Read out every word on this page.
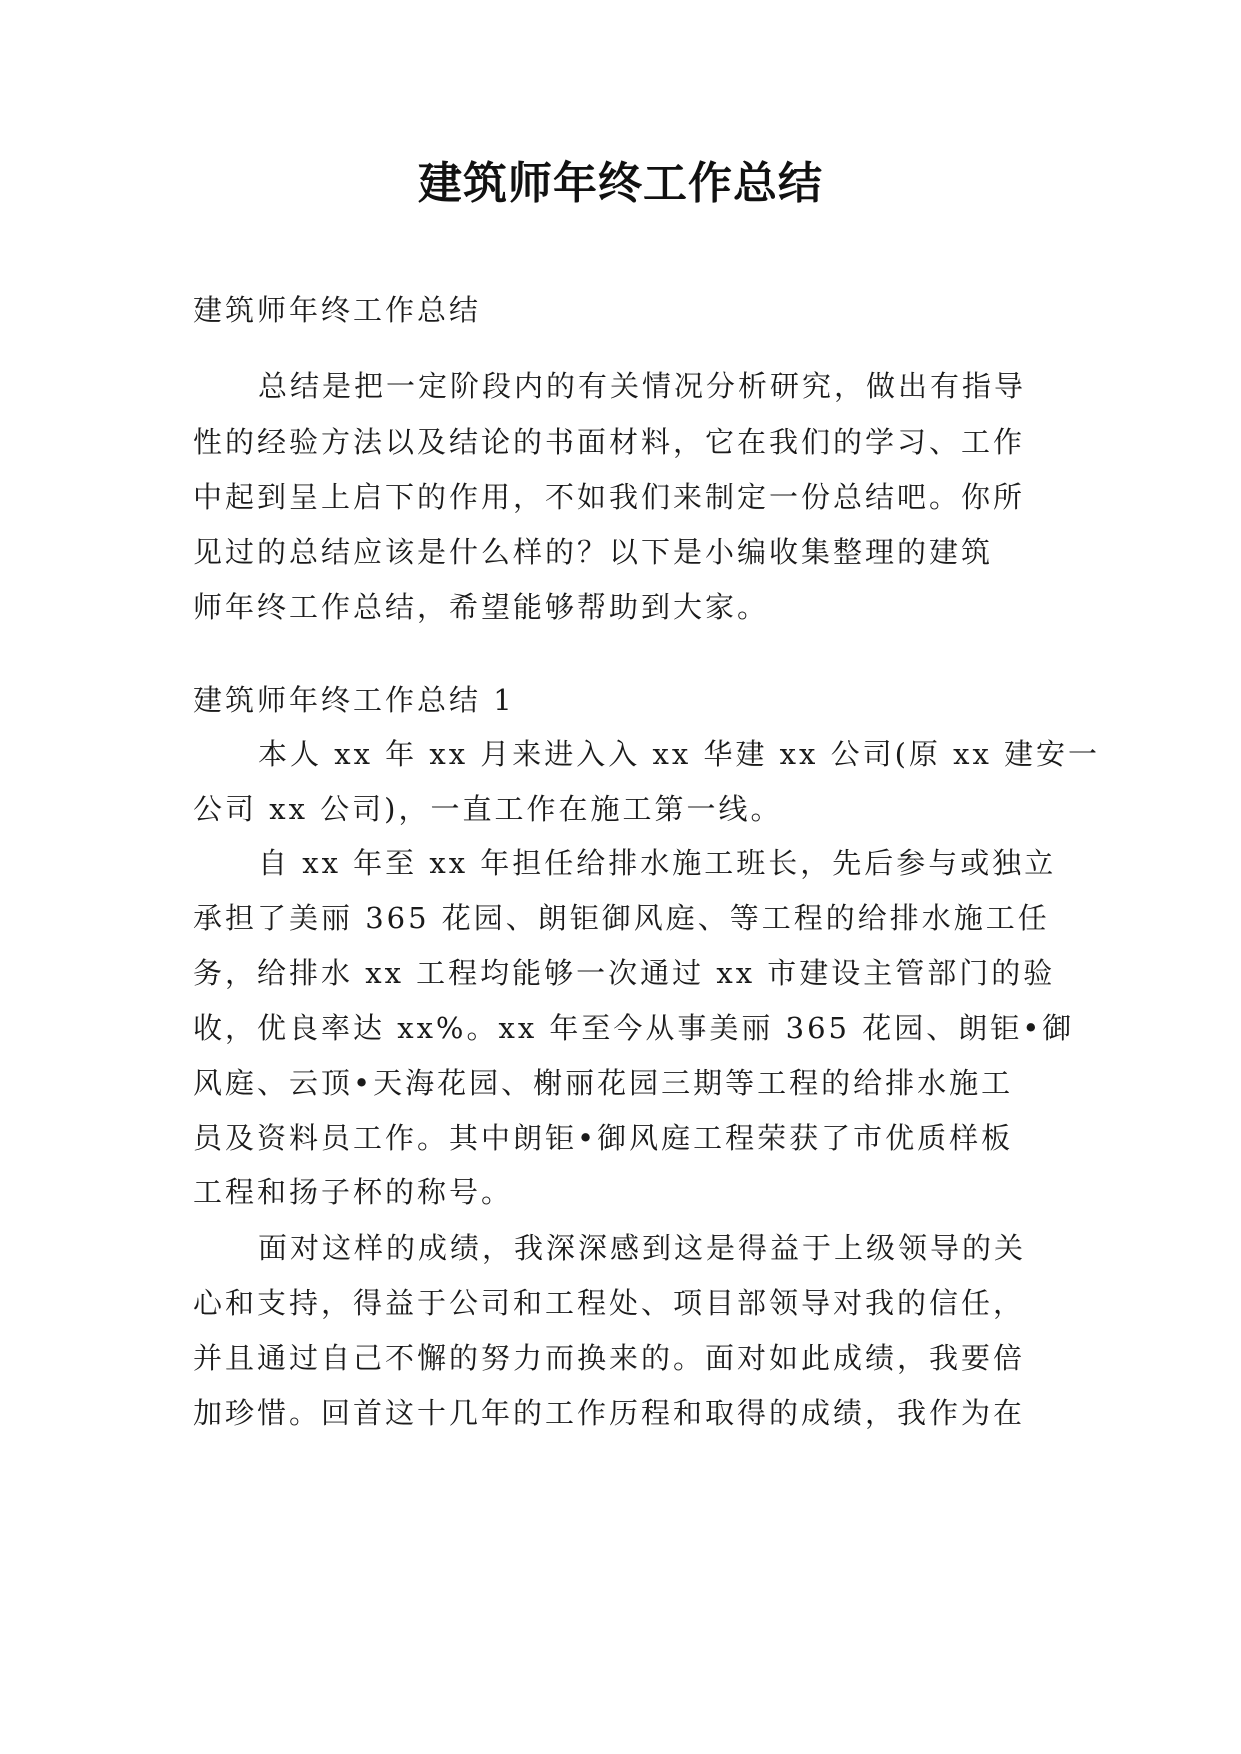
建筑师年终工作总结
建筑师年终工作总结
总结是把一定阶段内的有关情况分析研究，做出有指导
性的经验方法以及结论的书面材料，它在我们的学习、工作
中起到呈上启下的作用，不如我们来制定一份总结吧。你所
见过的总结应该是什么样的？以下是小编收集整理的建筑
师年终工作总结，希望能够帮助到大家。
建筑师年终工作总结 1
本人 xx 年 xx 月来进入入 xx 华建 xx 公司(原 xx 建安一
公司 xx 公司)，一直工作在施工第一线。
自 xx 年至 xx 年担任给排水施工班长，先后参与或独立
承担了美丽 365 花园、朗钜御风庭、等工程的给排水施工任
务，给排水 xx 工程均能够一次通过 xx 市建设主管部门的验
收，优良率达 xx%。xx 年至今从事美丽 365 花园、朗钜•御
风庭、云顶•天海花园、榭丽花园三期等工程的给排水施工
员及资料员工作。其中朗钜•御风庭工程荣获了市优质样板
工程和扬子杯的称号。
面对这样的成绩，我深深感到这是得益于上级领导的关
心和支持，得益于公司和工程处、项目部领导对我的信任，
并且通过自己不懈的努力而换来的。面对如此成绩，我要倍
加珍惜。回首这十几年的工作历程和取得的成绩，我作为在
